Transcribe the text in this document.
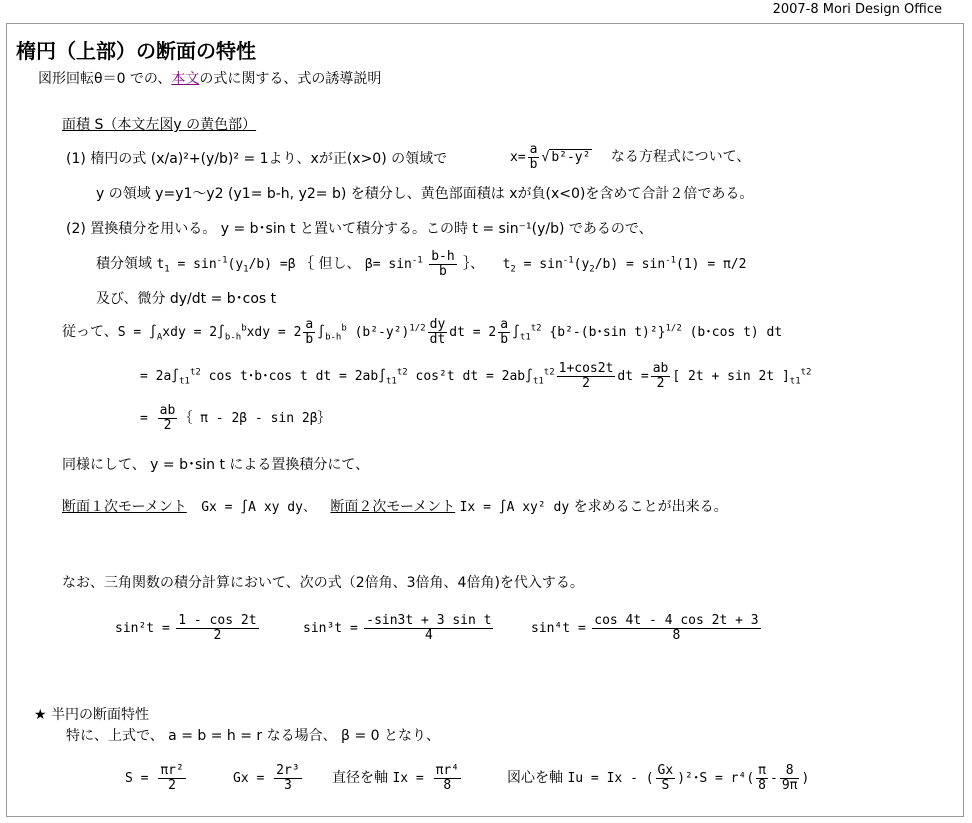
2007-8 Mori Design Office
楕円（上部）の断面の特性
図形回転θ＝0 での、本文の式に関する、式の誘導説明
面積 S（本文左図y の黄色部）
(1) 楕円の式 (x/a)²+(y/b)² = 1より、xが正(x>0) の領域で	$x= \frac{a}{b}$ √ b²-y² なる方程式について、
y の領域 y=y1〜y2 (y1= b-h, y2= b) を積分し、黄色部面積は xが負(x<0)を含めて合計２倍である。
(2) 置換積分を用いる。 y = b･sin t と置いて積分する。この時 t = sin⁻¹(y/b) であるので、
積分領域 $t_1 = \sin^{-1}(y_1/b) =\beta$ ｛ 但し、 $\beta= \sin^{-1} \frac{b-h}{b}$ ｝、 $t_2 = \sin^{-1}(y_2/b) = \sin^{-1}(1) = \pi/2$
及び、微分 dy/dt = b･cos t
従って、$S = \int_Axdy = 2\int_{b-h}^bxdy = 2 \frac{a}{b} \int_{b-h}^b$ $(b^2-y^2)^{1/2} \frac{dy}{dt}$ dt = $2 \frac{a}{b} \int_{t1}^{t2}$ {b²-(b･sin t)²}$^{1/2}$ (b･cos t) dt
= $2a\int_{t1}^{t2}$ cos t･b･cos t dt = $2ab\int_{t1}^{t2}$ cos²t dt = $2ab\int_{t1}^{t2} \frac{1+\cos 2t}{2}$ dt = $\frac{ab}{2}$ [ 2t + sin 2t ]$_{t1}^{t2}$
= $\frac{ab}{2}$ ｛ π - 2β - sin 2β｝
同様にして、 y = b･sin t による置換積分にて、
断面１次モーメント Gx = ∫A xy dy、 断面２次モーメント Ix = ∫A xy² dy を求めることが出来る。
なお、三角関数の積分計算において、次の式（2倍角、3倍角、4倍角)を代入する。
$\sin^2t = \frac{1 - \cos 2t}{2}$	$\sin^3t = \frac{\text{-sin3t + 3 sin t}}{4}$	$\sin^4t = \frac{\cos 4t - 4 \cos 2t + 3}{8}$
★ 半円の断面特性
特に、上式で、 a = b = h = r なる場合、 β = 0 となり、
$S = \frac{\text{πr²}}{2}$	$Gx = \frac{\text{2r³}}{3}$ 直径を軸 $Ix = \frac{\text{πr⁴}}{8}$	図心を軸 Iu = Ix - ( $\frac{Gx}{S} )^2$･$S = r^4( \frac{\pi}{8} - \frac{8}{9\pi}$ )
